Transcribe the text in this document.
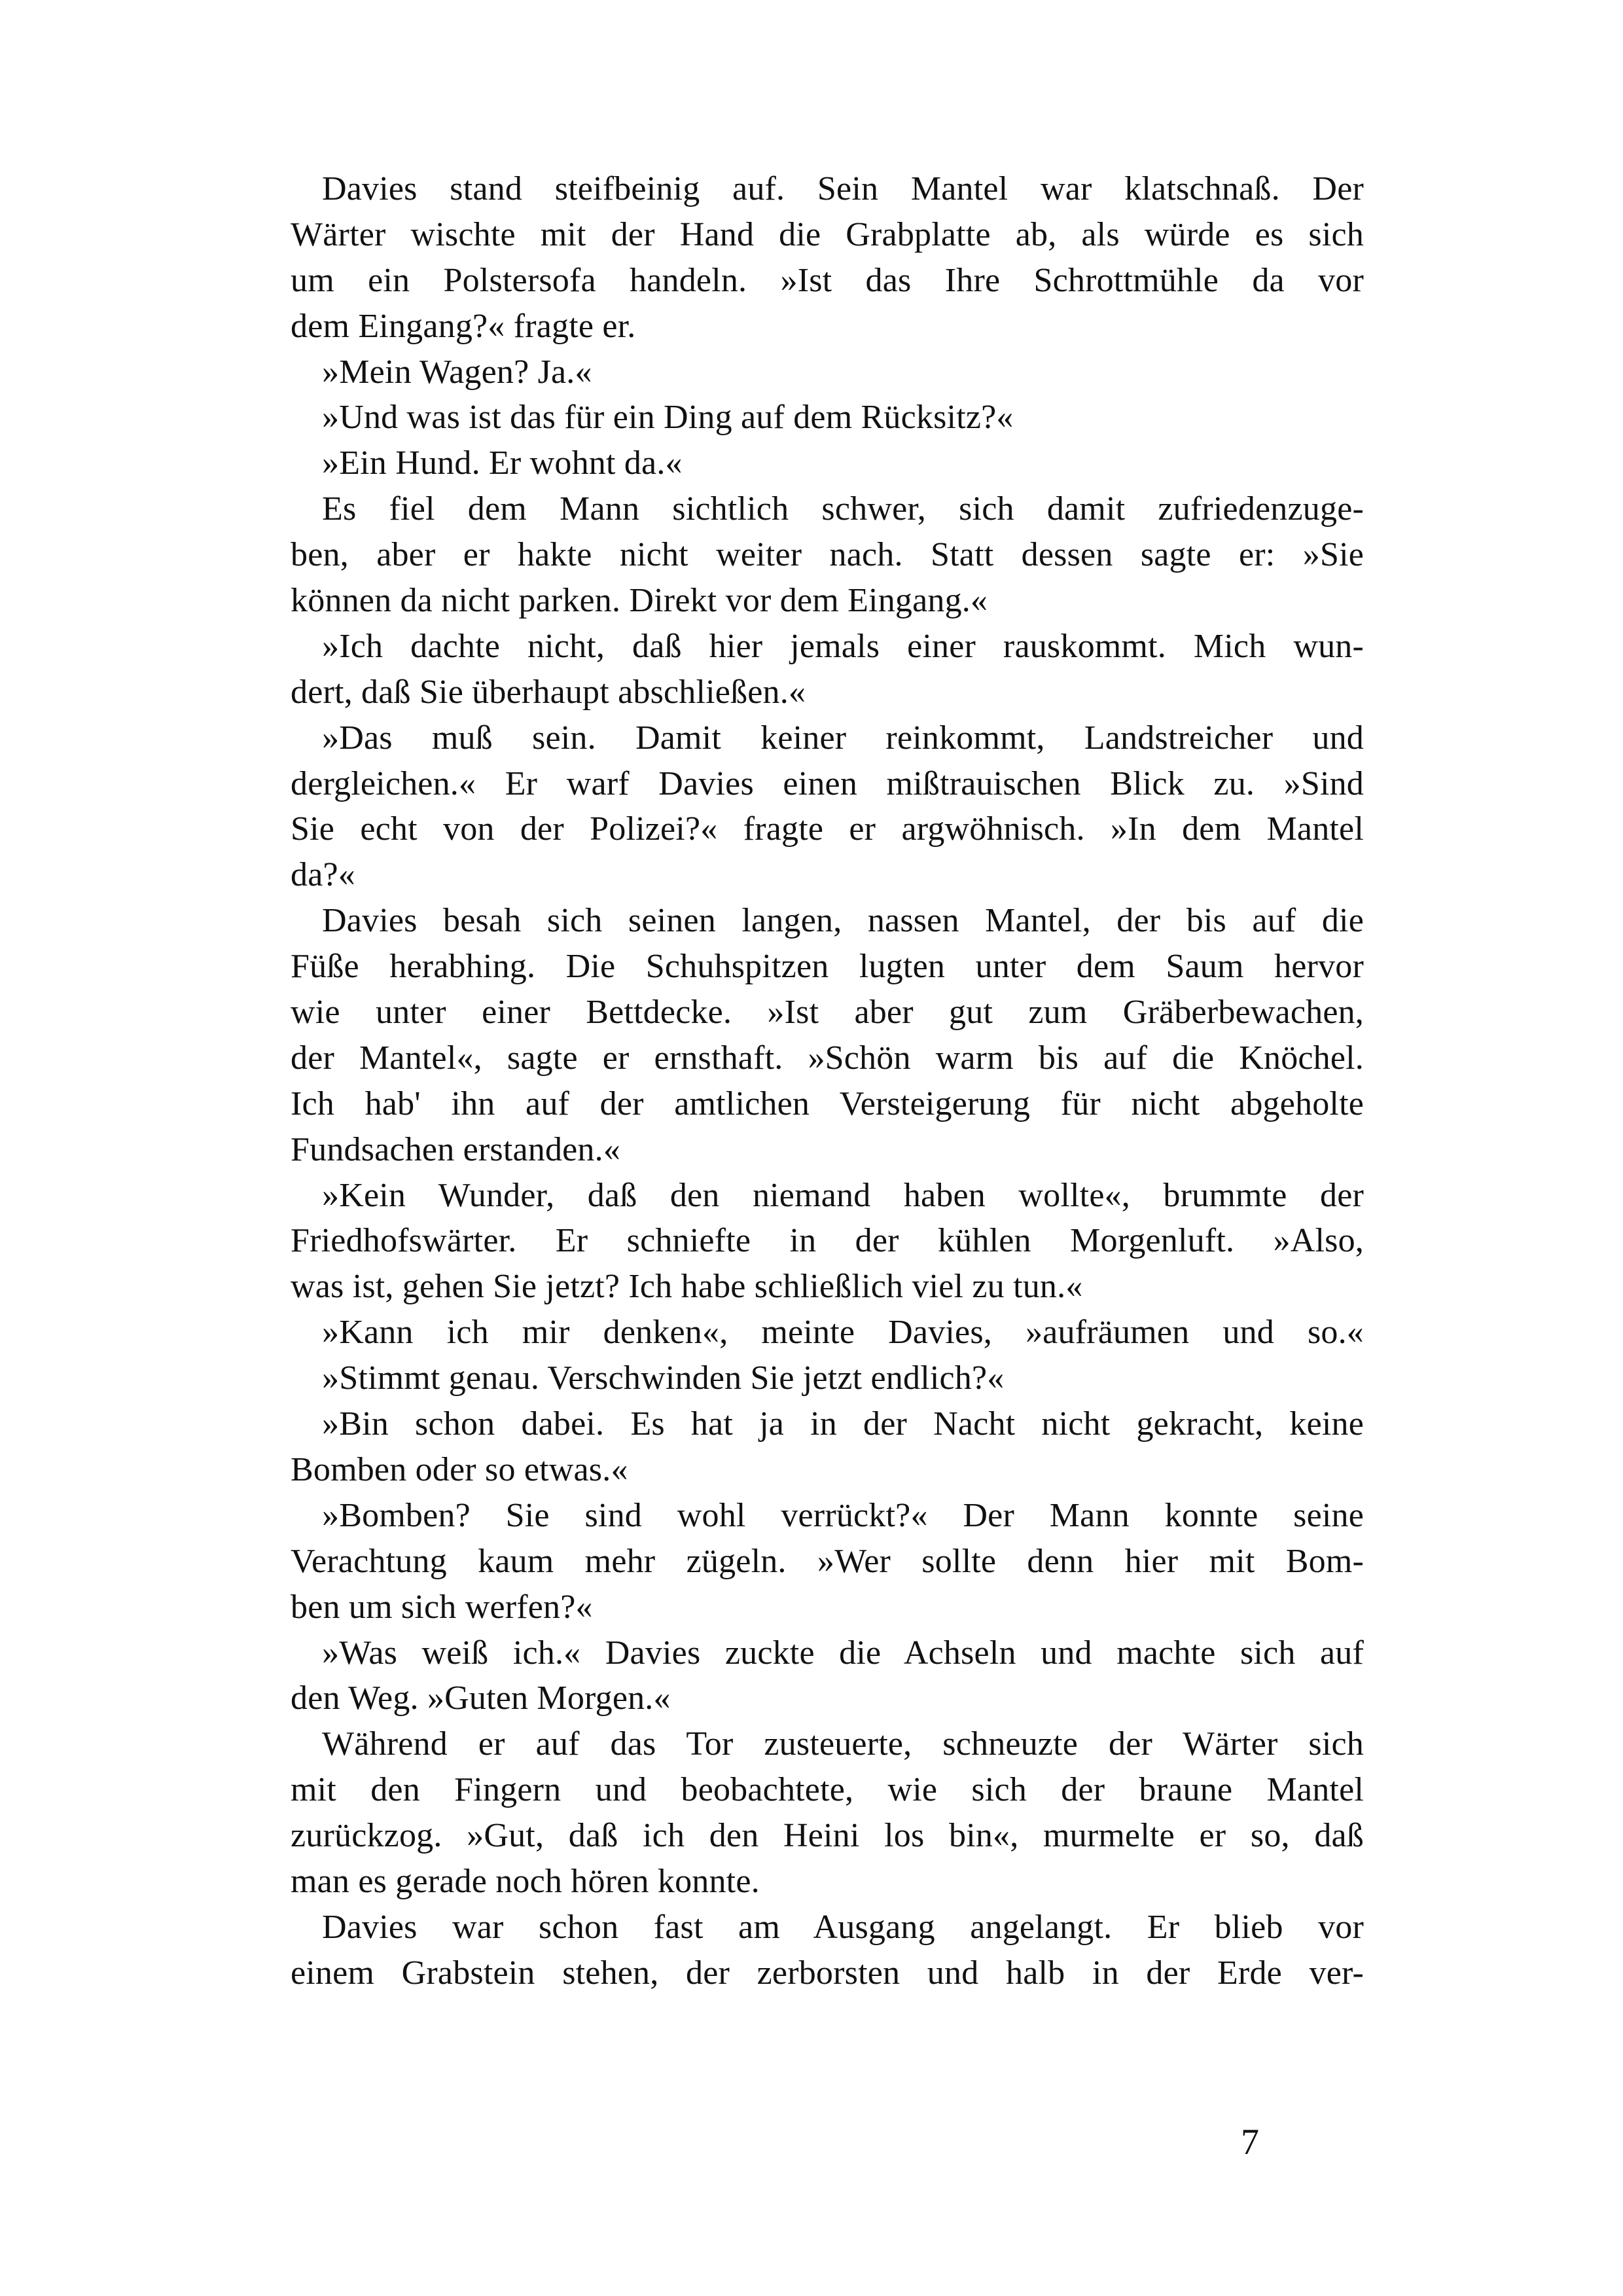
Davies stand steifbeinig auf. Sein Mantel war klatschnaß. Der
Wärter wischte mit der Hand die Grabplatte ab, als würde es sich
um ein Polstersofa handeln. »Ist das Ihre Schrottmühle da vor
dem Eingang?« fragte er.
»Mein Wagen? Ja.«
»Und was ist das für ein Ding auf dem Rücksitz?«
»Ein Hund. Er wohnt da.«
Es fiel dem Mann sichtlich schwer, sich damit zufriedenzuge-
ben, aber er hakte nicht weiter nach. Statt dessen sagte er: »Sie
können da nicht parken. Direkt vor dem Eingang.«
»Ich dachte nicht, daß hier jemals einer rauskommt. Mich wun-
dert, daß Sie überhaupt abschließen.«
»Das muß sein. Damit keiner reinkommt, Landstreicher und
dergleichen.« Er warf Davies einen mißtrauischen Blick zu. »Sind
Sie echt von der Polizei?« fragte er argwöhnisch. »In dem Mantel
da?«
Davies besah sich seinen langen, nassen Mantel, der bis auf die
Füße herabhing. Die Schuhspitzen lugten unter dem Saum hervor
wie unter einer Bettdecke. »Ist aber gut zum Gräberbewachen,
der Mantel«, sagte er ernsthaft. »Schön warm bis auf die Knöchel.
Ich hab' ihn auf der amtlichen Versteigerung für nicht abgeholte
Fundsachen erstanden.«
»Kein Wunder, daß den niemand haben wollte«, brummte der
Friedhofswärter. Er schniefte in der kühlen Morgenluft. »Also,
was ist, gehen Sie jetzt? Ich habe schließlich viel zu tun.«
»Kann ich mir denken«, meinte Davies, »aufräumen und so.«
»Stimmt genau. Verschwinden Sie jetzt endlich?«
»Bin schon dabei. Es hat ja in der Nacht nicht gekracht, keine
Bomben oder so etwas.«
»Bomben? Sie sind wohl verrückt?« Der Mann konnte seine
Verachtung kaum mehr zügeln. »Wer sollte denn hier mit Bom-
ben um sich werfen?«
»Was weiß ich.« Davies zuckte die Achseln und machte sich auf
den Weg. »Guten Morgen.«
Während er auf das Tor zusteuerte, schneuzte der Wärter sich
mit den Fingern und beobachtete, wie sich der braune Mantel
zurückzog. »Gut, daß ich den Heini los bin«, murmelte er so, daß
man es gerade noch hören konnte.
Davies war schon fast am Ausgang angelangt. Er blieb vor
einem Grabstein stehen, der zerborsten und halb in der Erde ver-
7
